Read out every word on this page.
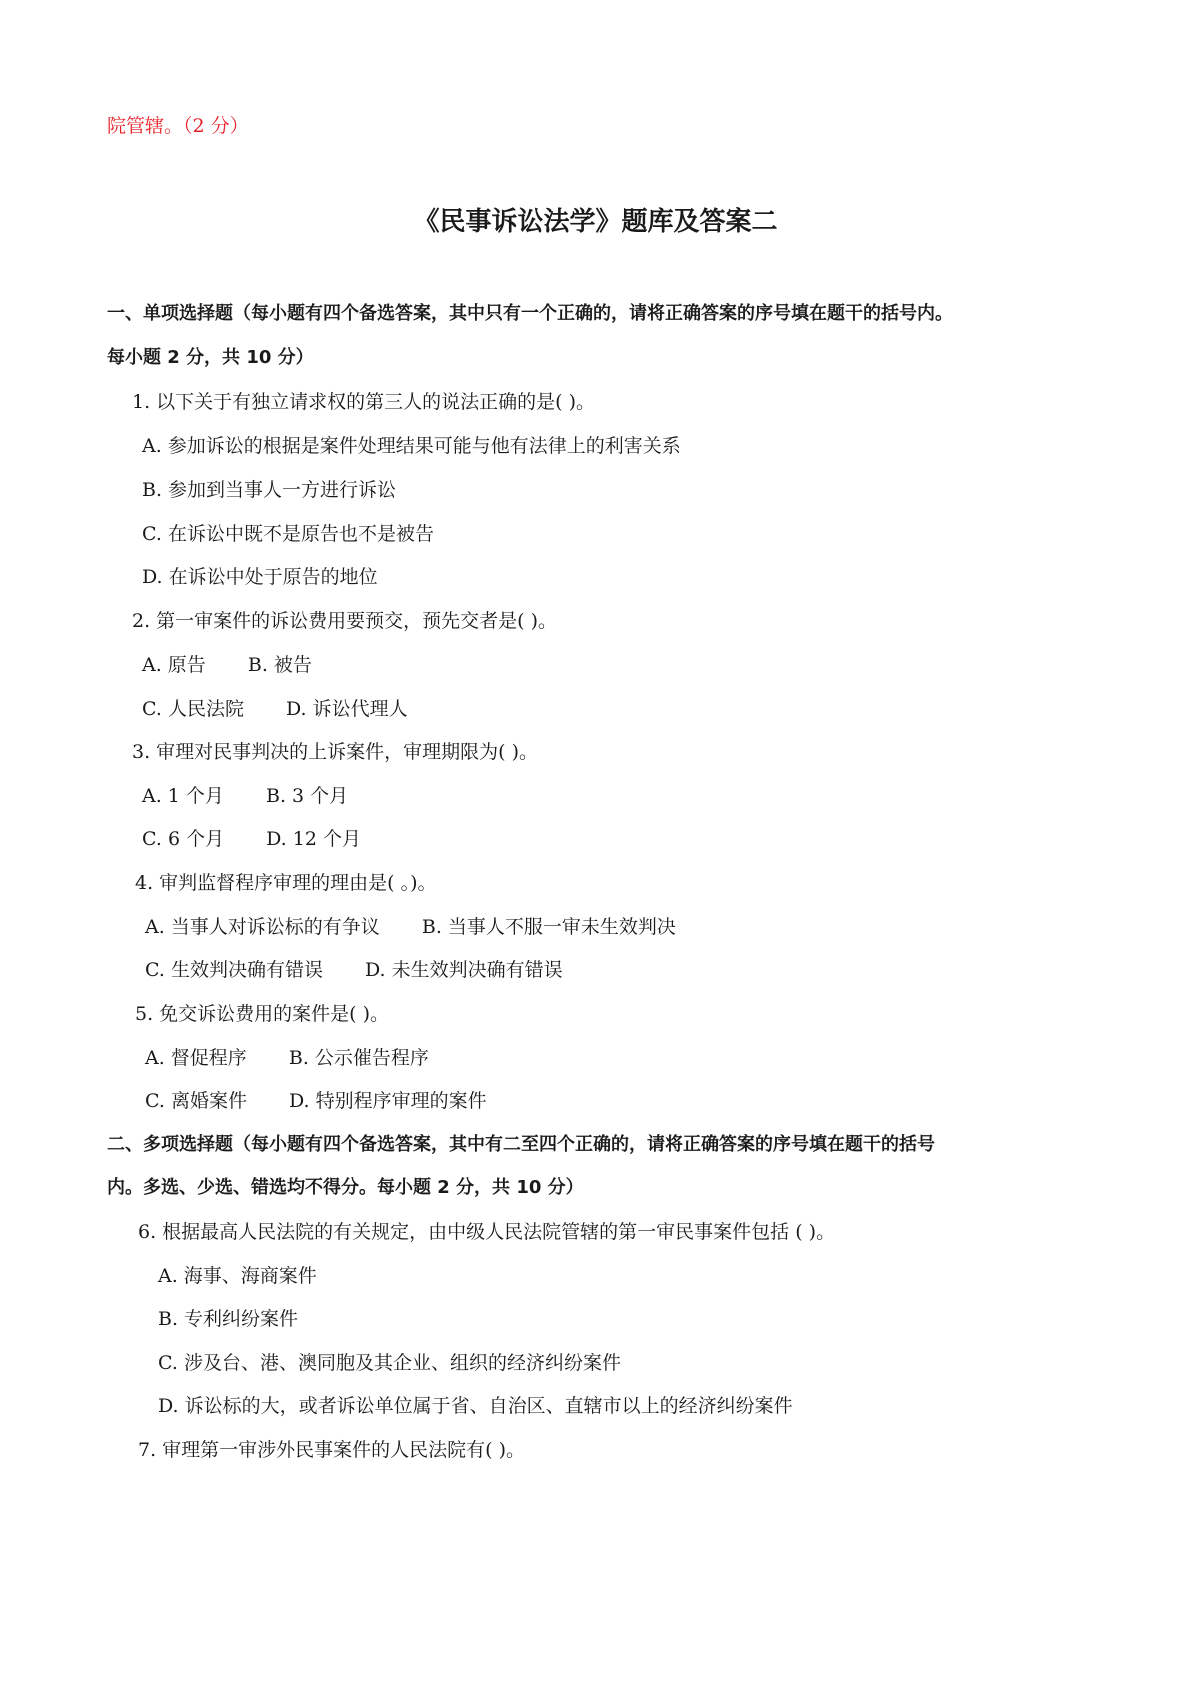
院管辖。（2 分）
《民事诉讼法学》题库及答案二
一、单项选择题（每小题有四个备选答案，其中只有一个正确的，请将正确答案的序号填在题干的括号内。
每小题 2 分，共 10 分）
1. 以下关于有独立请求权的第三人的说法正确的是( )。
A. 参加诉讼的根据是案件处理结果可能与他有法律上的利害关系
B. 参加到当事人一方进行诉讼
C. 在诉讼中既不是原告也不是被告
D. 在诉讼中处于原告的地位
2. 第一审案件的诉讼费用要预交，预先交者是( )。
A. 原告 B. 被告
C. 人民法院 D. 诉讼代理人
3. 审理对民事判决的上诉案件，审理期限为( )。
A. 1 个月 B. 3 个月
C. 6 个月 D. 12 个月
4. 审判监督程序审理的理由是( 。)。
A. 当事人对诉讼标的有争议 B. 当事人不服一审未生效判决
C. 生效判决确有错误 D. 未生效判决确有错误
5. 免交诉讼费用的案件是( )。
A. 督促程序 B. 公示催告程序
C. 离婚案件 D. 特别程序审理的案件
二、多项选择题（每小题有四个备选答案，其中有二至四个正确的，请将正确答案的序号填在题干的括号
内。多选、少选、错选均不得分。每小题 2 分，共 10 分）
6. 根据最高人民法院的有关规定，由中级人民法院管辖的第一审民事案件包括 ( )。
A. 海事、海商案件
B. 专利纠纷案件
C. 涉及台、港、澳同胞及其企业、组织的经济纠纷案件
D. 诉讼标的大，或者诉讼单位属于省、自治区、直辖市以上的经济纠纷案件
7. 审理第一审涉外民事案件的人民法院有( )。
